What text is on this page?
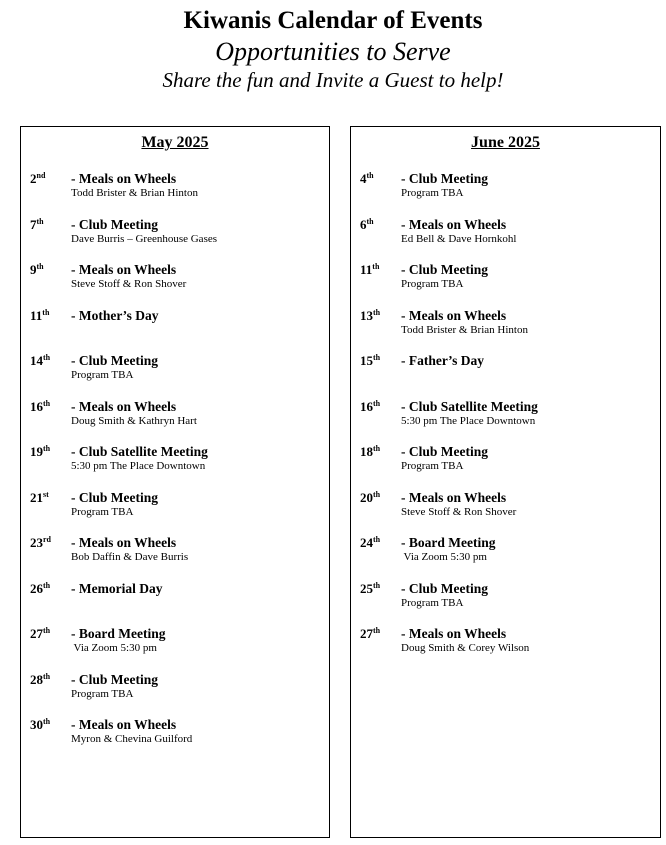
Kiwanis Calendar of Events

Opportunities to Serve

Share the fun and Invite a Guest to help!

May 2025
2nd - Meals on Wheels
Todd Brister & Brian Hinton
7th - Club Meeting
Dave Burris – Greenhouse Gases
9th - Meals on Wheels
Steve Stoff & Ron Shover
11th - Mother’s Day
14th - Club Meeting
Program TBA
16th - Meals on Wheels
Doug Smith & Kathryn Hart
19th - Club Satellite Meeting
5:30 pm The Place Downtown
21st - Club Meeting
Program TBA
23rd - Meals on Wheels
Bob Daffin & Dave Burris
26th - Memorial Day
27th - Board Meeting
Via Zoom 5:30 pm
28th - Club Meeting
Program TBA
30th - Meals on Wheels
Myron & Chevina Guilford
June 2025
4th - Club Meeting
Program TBA
6th - Meals on Wheels
Ed Bell & Dave Hornkohl
11th - Club Meeting
Program TBA
13th - Meals on Wheels
Todd Brister & Brian Hinton
15th - Father’s Day
16th - Club Satellite Meeting
5:30 pm The Place Downtown
18th - Club Meeting
Program TBA
20th - Meals on Wheels
Steve Stoff & Ron Shover
24th - Board Meeting
Via Zoom 5:30 pm
25th - Club Meeting
Program TBA
27th - Meals on Wheels
Doug Smith & Corey Wilson
